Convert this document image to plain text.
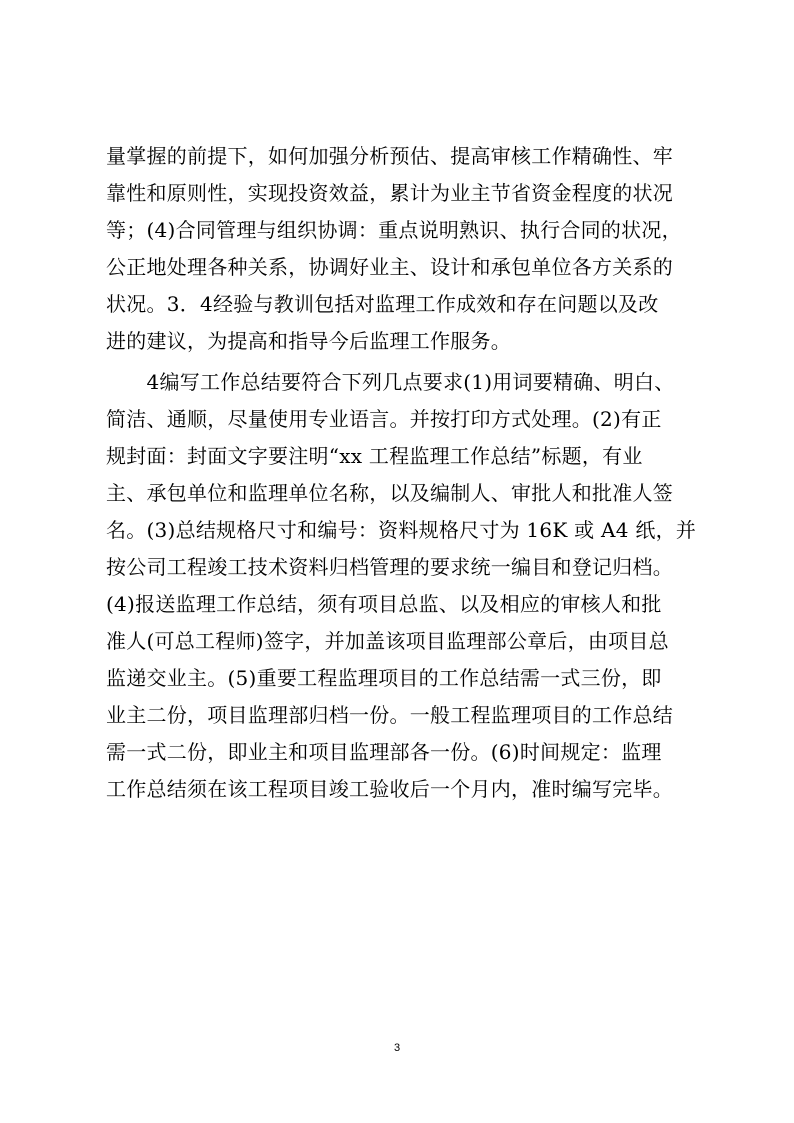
量掌握的前提下，如何加强分析预估、提高审核工作精确性、牢
靠性和原则性，实现投资效益，累计为业主节省资金程度的状况
等；(4)合同管理与组织协调：重点说明熟识、执行合同的状况，
公正地处理各种关系，协调好业主、设计和承包单位各方关系的
状况。3．4经验与教训包括对监理工作成效和存在问题以及改
进的建议，为提高和指导今后监理工作服务。
　　4编写工作总结要符合下列几点要求(1)用词要精确、明白、
简洁、通顺，尽量使用专业语言。并按打印方式处理。(2)有正
规封面：封面文字要注明“xx 工程监理工作总结”标题，有业
主、承包单位和监理单位名称，以及编制人、审批人和批准人签
名。(3)总结规格尺寸和编号：资料规格尺寸为 16K 或 A4 纸，并
按公司工程竣工技术资料归档管理的要求统一编目和登记归档。
(4)报送监理工作总结，须有项目总监、以及相应的审核人和批
准人(可总工程师)签字，并加盖该项目监理部公章后，由项目总
监递交业主。(5)重要工程监理项目的工作总结需一式三份，即
业主二份，项目监理部归档一份。一般工程监理项目的工作总结
需一式二份，即业主和项目监理部各一份。(6)时间规定：监理
工作总结须在该工程项目竣工验收后一个月内，准时编写完毕。
3
